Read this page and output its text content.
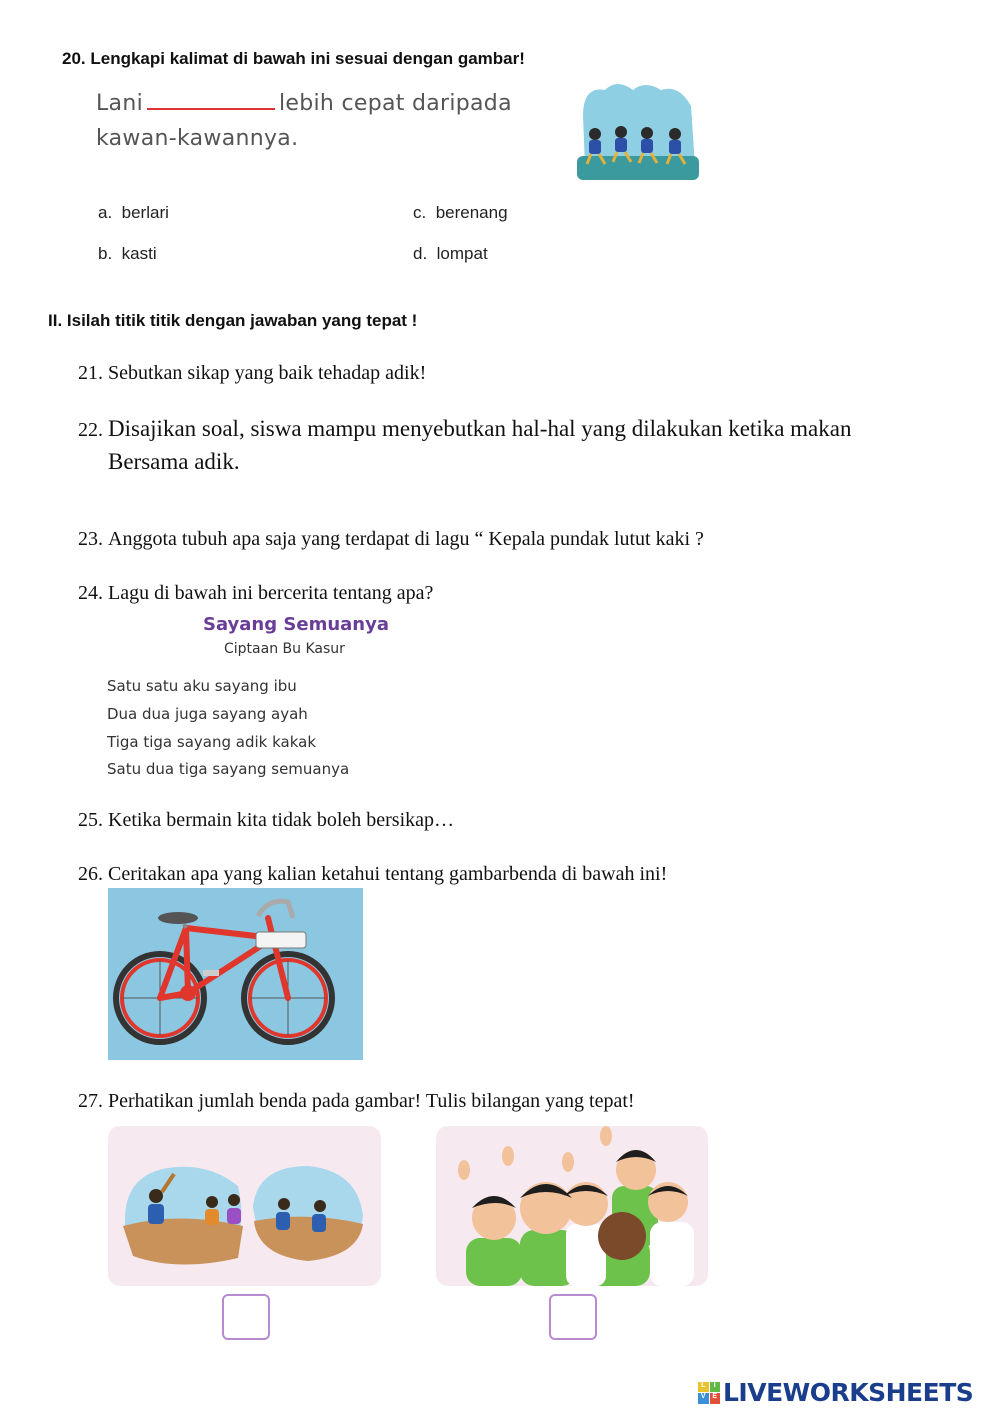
20. Lengkapi kalimat di bawah ini sesuai dengan gambar!
Lani	lebih cepat daripada
kawan-kawannya.
a. berlari
b. kasti
c. berenang
d. lompat
II. Isilah titik titik dengan jawaban yang tepat !
21. Sebutkan sikap yang baik tehadap adik!
22. Disajikan soal, siswa mampu menyebutkan hal-hal yang dilakukan ketika makan
Bersama adik.
23. Anggota tubuh apa saja yang terdapat di lagu “ Kepala pundak lutut kaki ?
24. Lagu di bawah ini bercerita tentang apa?
Sayang Semuanya
Ciptaan Bu Kasur
Satu satu aku sayang ibu
Dua dua juga sayang ayah
Tiga tiga sayang adik kakak
Satu dua tiga sayang semuanya
25. Ketika bermain kita tidak boleh bersikap…
26. Ceritakan apa yang kalian ketahui tentang gambarbenda di bawah ini!
27. Perhatikan jumlah benda pada gambar! Tulis bilangan yang tepat!
L	I
V E LIVEWORKSHEETS
